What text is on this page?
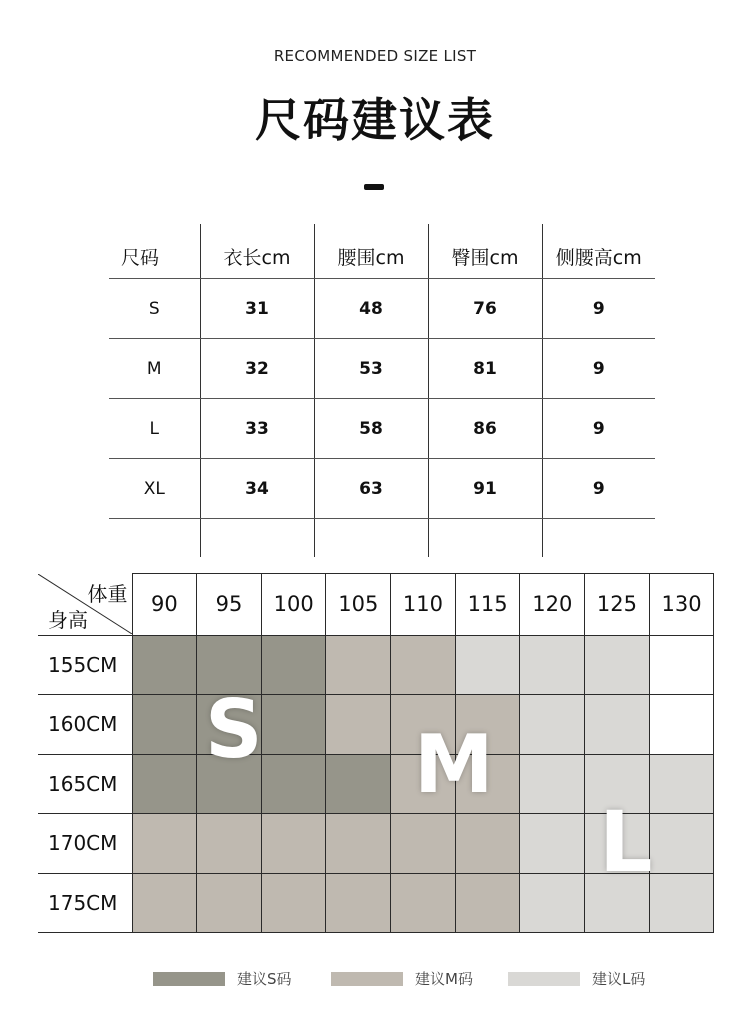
RECOMMENDED SIZE LIST
尺码建议表
尺码	衣长cm	腰围cm	臀围cm	侧腰高cm
S	31	48	76	9
M	32	53	81	9
L	33	58	86	9
XL	34	63	91	9

体重
身高	90	95	100	105	110	115	120	125	130
155CM									
160CM									
165CM									
170CM									
175CM									
S M
L
建议S码	建议M码	建议L码
